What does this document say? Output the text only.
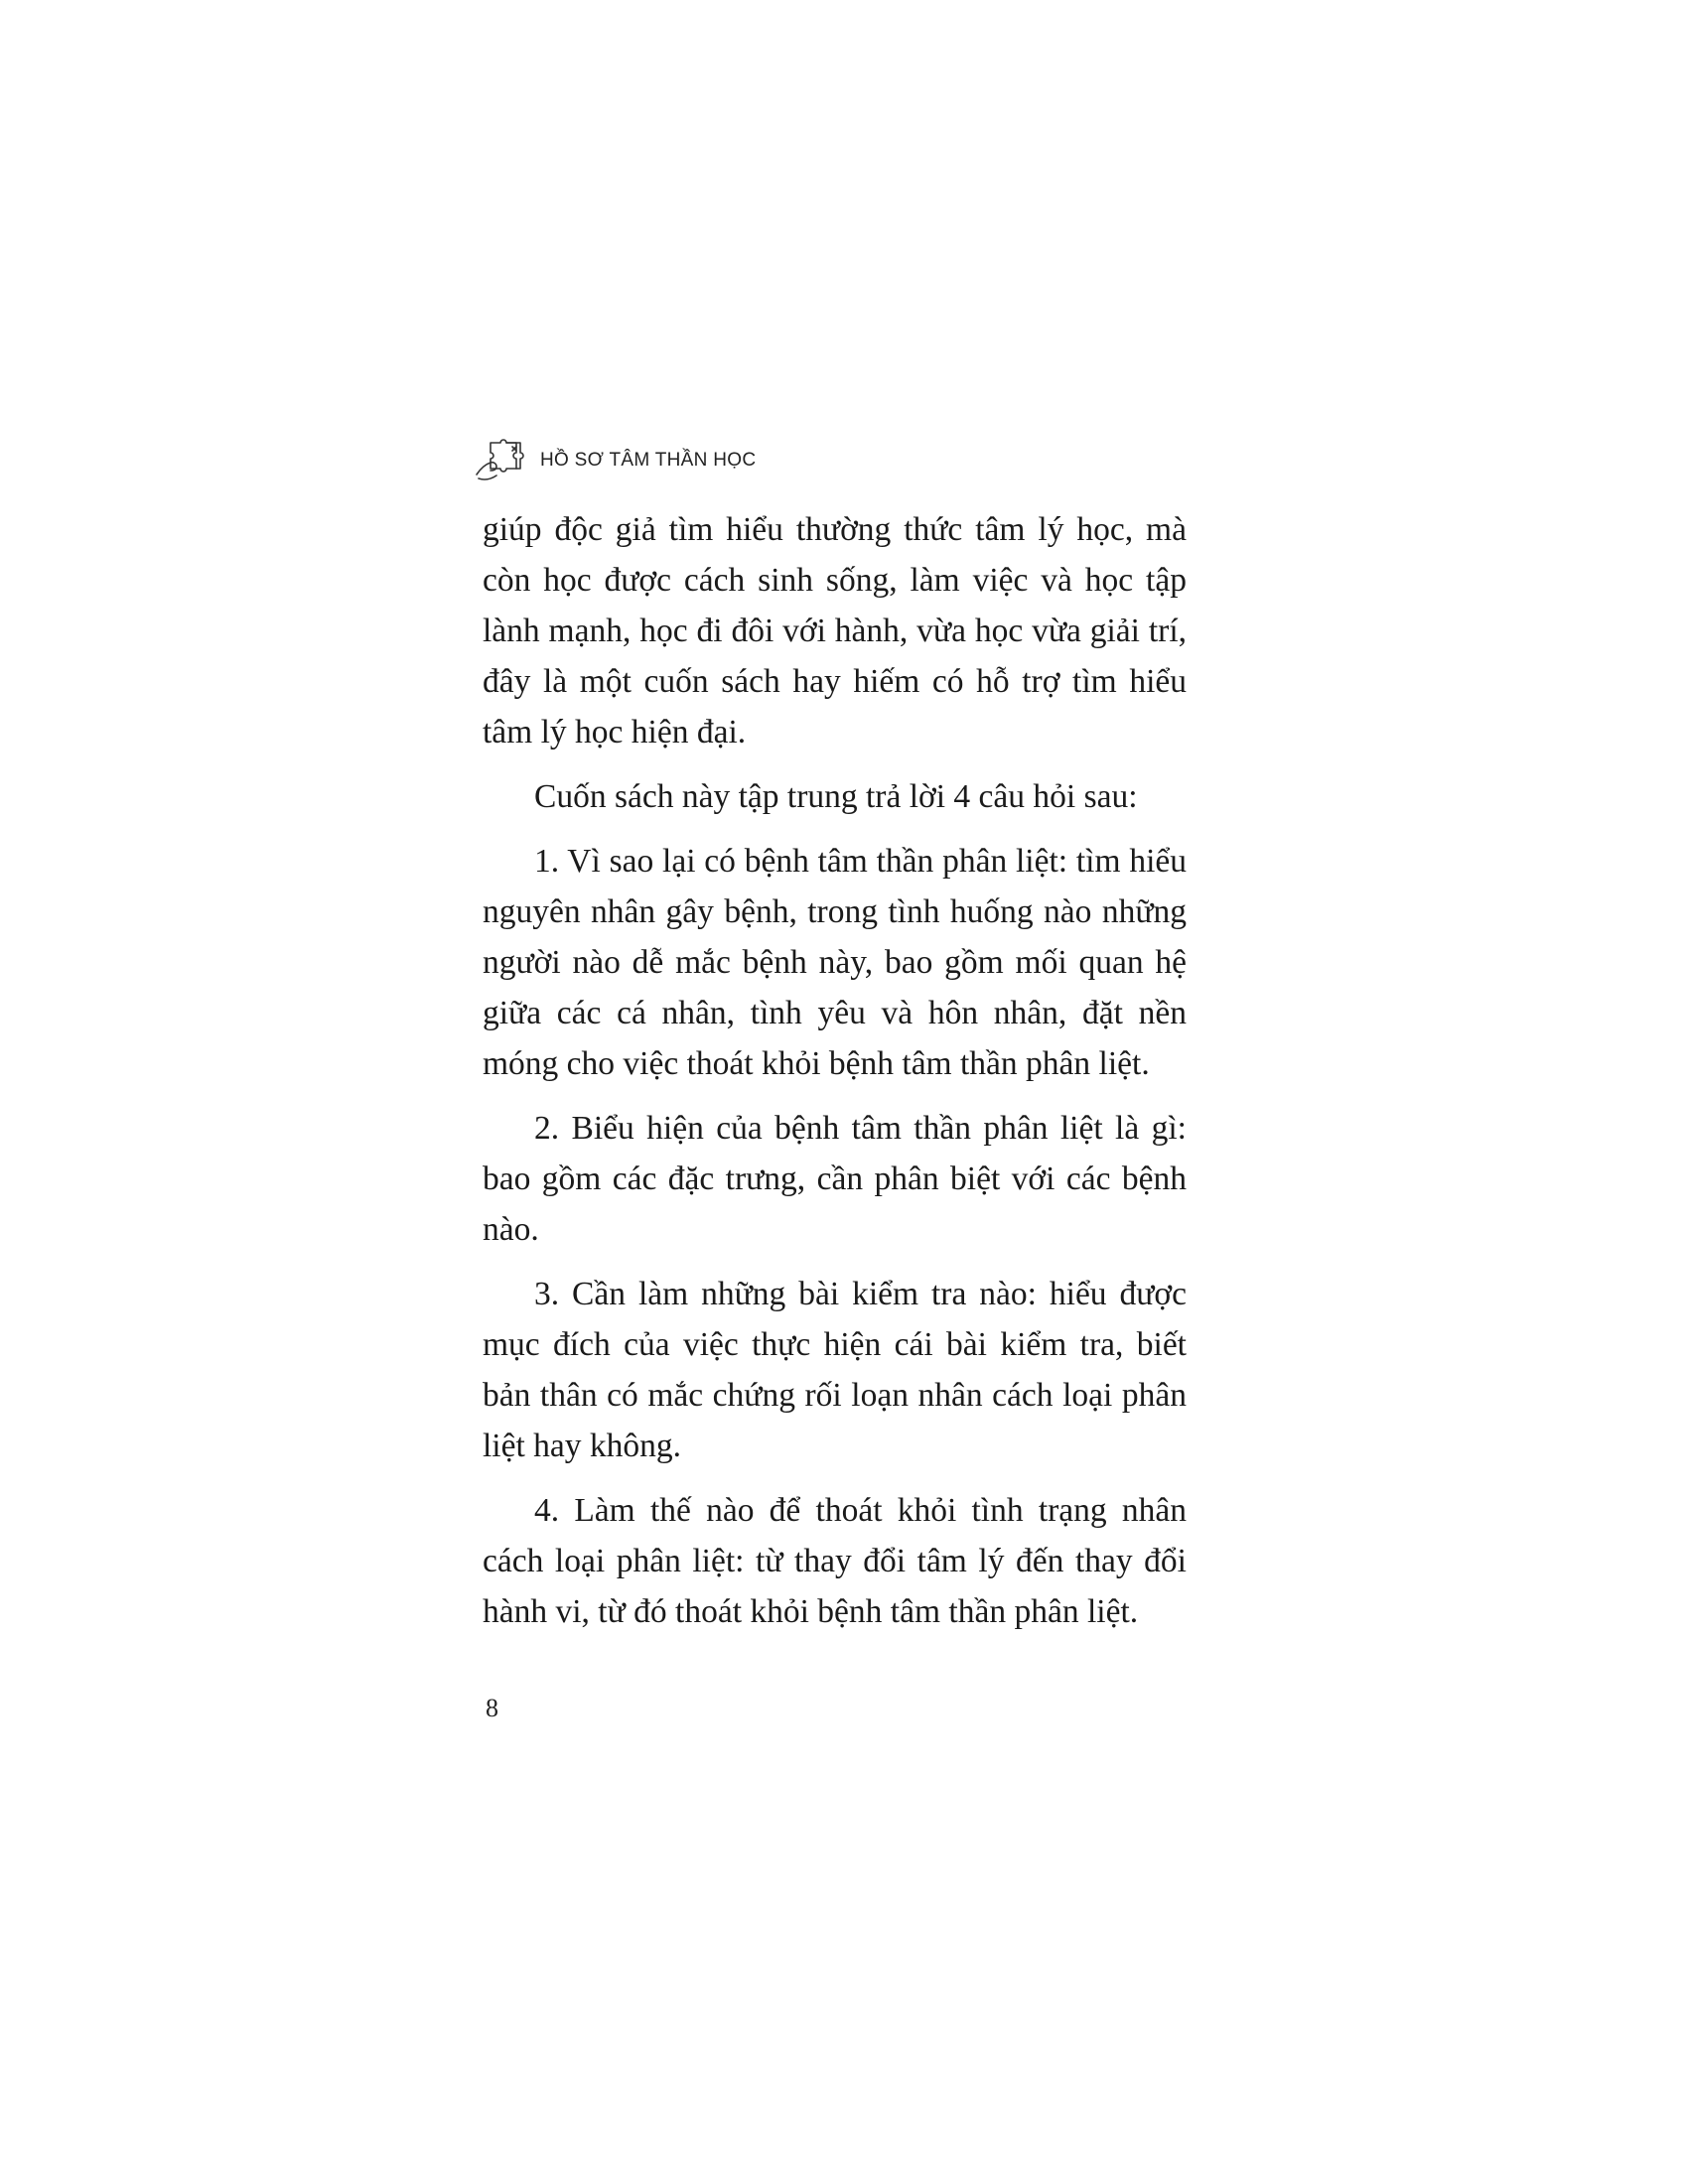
HỒ SƠ TÂM THẦN HỌC

giúp độc giả tìm hiểu thường thức tâm lý học, mà còn học được cách sinh sống, làm việc và học tập lành mạnh, học đi đôi với hành, vừa học vừa giải trí, đây là một cuốn sách hay hiếm có hỗ trợ tìm hiểu tâm lý học hiện đại.

Cuốn sách này tập trung trả lời 4 câu hỏi sau:

1. Vì sao lại có bệnh tâm thần phân liệt: tìm hiểu nguyên nhân gây bệnh, trong tình huống nào những người nào dễ mắc bệnh này, bao gồm mối quan hệ giữa các cá nhân, tình yêu và hôn nhân, đặt nền móng cho việc thoát khỏi bệnh tâm thần phân liệt.

2. Biểu hiện của bệnh tâm thần phân liệt là gì: bao gồm các đặc trưng, cần phân biệt với các bệnh nào.

3. Cần làm những bài kiểm tra nào: hiểu được mục đích của việc thực hiện cái bài kiểm tra, biết bản thân có mắc chứng rối loạn nhân cách loại phân liệt hay không.

4. Làm thế nào để thoát khỏi tình trạng nhân cách loại phân liệt: từ thay đổi tâm lý đến thay đổi hành vi, từ đó thoát khỏi bệnh tâm thần phân liệt.

8
